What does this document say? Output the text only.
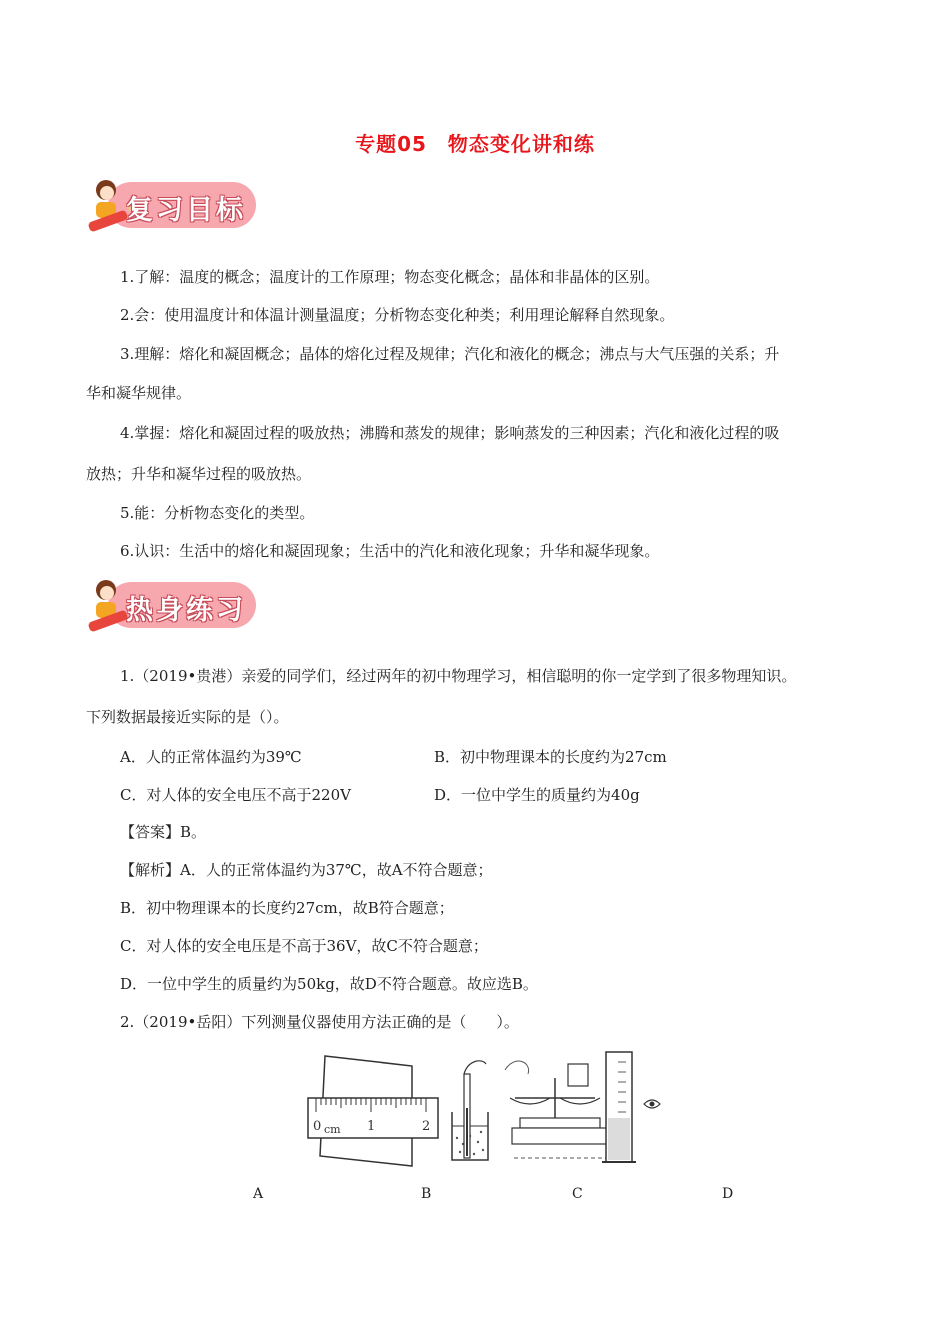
专题05　物态变化讲和练
复习目标
1.了解：温度的概念；温度计的工作原理；物态变化概念；晶体和非晶体的区别。
2.会：使用温度计和体温计测量温度；分析物态变化种类；利用理论解释自然现象。
3.理解：熔化和凝固概念；晶体的熔化过程及规律；汽化和液化的概念；沸点与大气压强的关系；升
华和凝华规律。
4.掌握：熔化和凝固过程的吸放热；沸腾和蒸发的规律；影响蒸发的三种因素；汽化和液化过程的吸
放热；升华和凝华过程的吸放热。
5.能：分析物态变化的类型。
6.认识：生活中的熔化和凝固现象；生活中的汽化和液化现象；升华和凝华现象。
热身练习
1.（2019•贵港）亲爱的同学们，经过两年的初中物理学习，相信聪明的你一定学到了很多物理知识。
下列数据最接近实际的是（）。
A．人的正常体温约为39℃	B．初中物理课本的长度约为27cm
C．对人体的安全电压不高于220V	D．一位中学生的质量约为40g
【答案】B。
【解析】A．人的正常体温约为37℃，故A不符合题意；
B．初中物理课本的长度约27cm，故B符合题意；
C．对人体的安全电压是不高于36V，故C不符合题意；
D．一位中学生的质量约为50kg，故D不符合题意。故应选B。
2.（2019•岳阳）下列测量仪器使用方法正确的是（　　）。
0 cm 1	2
A	B	C	D
